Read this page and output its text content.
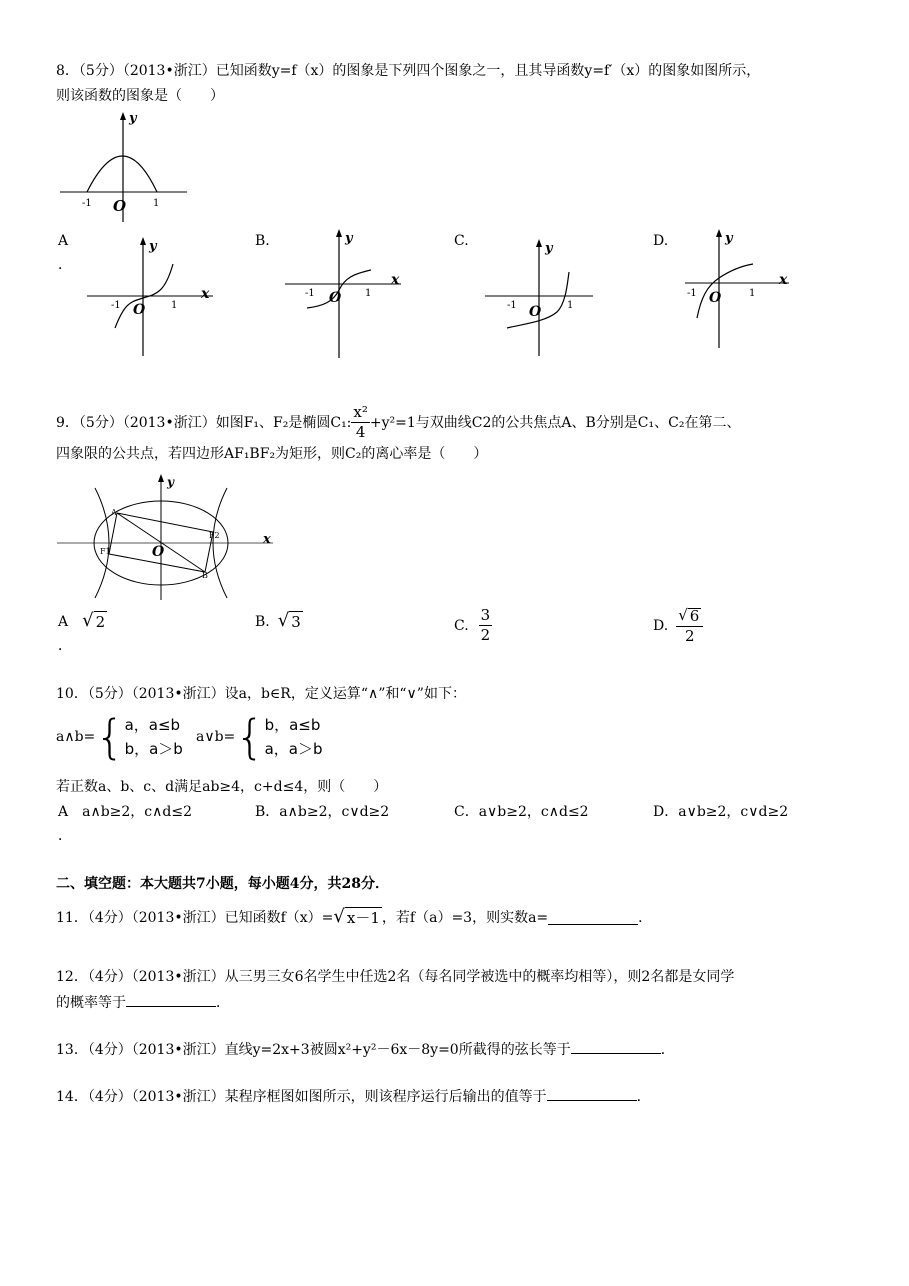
8．（5分）（2013•浙江）已知函数y=f（x）的图象是下列四个图象之一，且其导函数y=f′（x）的图象如图所示，
则该函数的图象是（　　）
y
O
-1	1
A
．
B.	C.	D.
y
x
O
-1	1
y
x
O
-1	1
y
O
-1	1
y
x
O
-1	1
9．（5分）（2013•浙江）如图F₁、F₂是椭圆C₁: $\frac{\text{x²}}{4} +y^2=1$与双曲线C2的公共焦点A、B分别是C₁、C₂在第二、
四象限的公共点，若四边形AF₁BF₂为矩形，则C₂的离心率是（　　）
y
x
O
A
B
F1
F2
A √ 2
．
B. √ 3	C. $\frac{3}{2}$	D. $\frac{√ 6}{2}$
10．（5分）（2013•浙江）设a，b∈R，定义运算“∧”和“∨”如下：
a∧b= { a，a≤b
b，a＞b
a∨b= { b，a≤b
a，a＞b
若正数a、b、c、d满足ab≥4，c+d≤4，则（　　）
A　a∧b≥2，c∧d≤2	B．a∧b≥2，c∨d≥2	C．a∨b≥2，c∧d≤2	D．a∨b≥2，c∨d≥2
．
二、填空题：本大题共7小题，每小题4分，共28分．
11．（4分）（2013•浙江）已知函数f（x）= √ x－1 ，若f（a）=3，则实数a=	．
12．（4分）（2013•浙江）从三男三女6名学生中任选2名（每名同学被选中的概率均相等），则2名都是女同学
的概率等于	．
13．（4分）（2013•浙江）直线y=2x+3被圆x²+y²－6x－8y=0所截得的弦长等于	．
14．（4分）（2013•浙江）某程序框图如图所示，则该程序运行后输出的值等于	．
